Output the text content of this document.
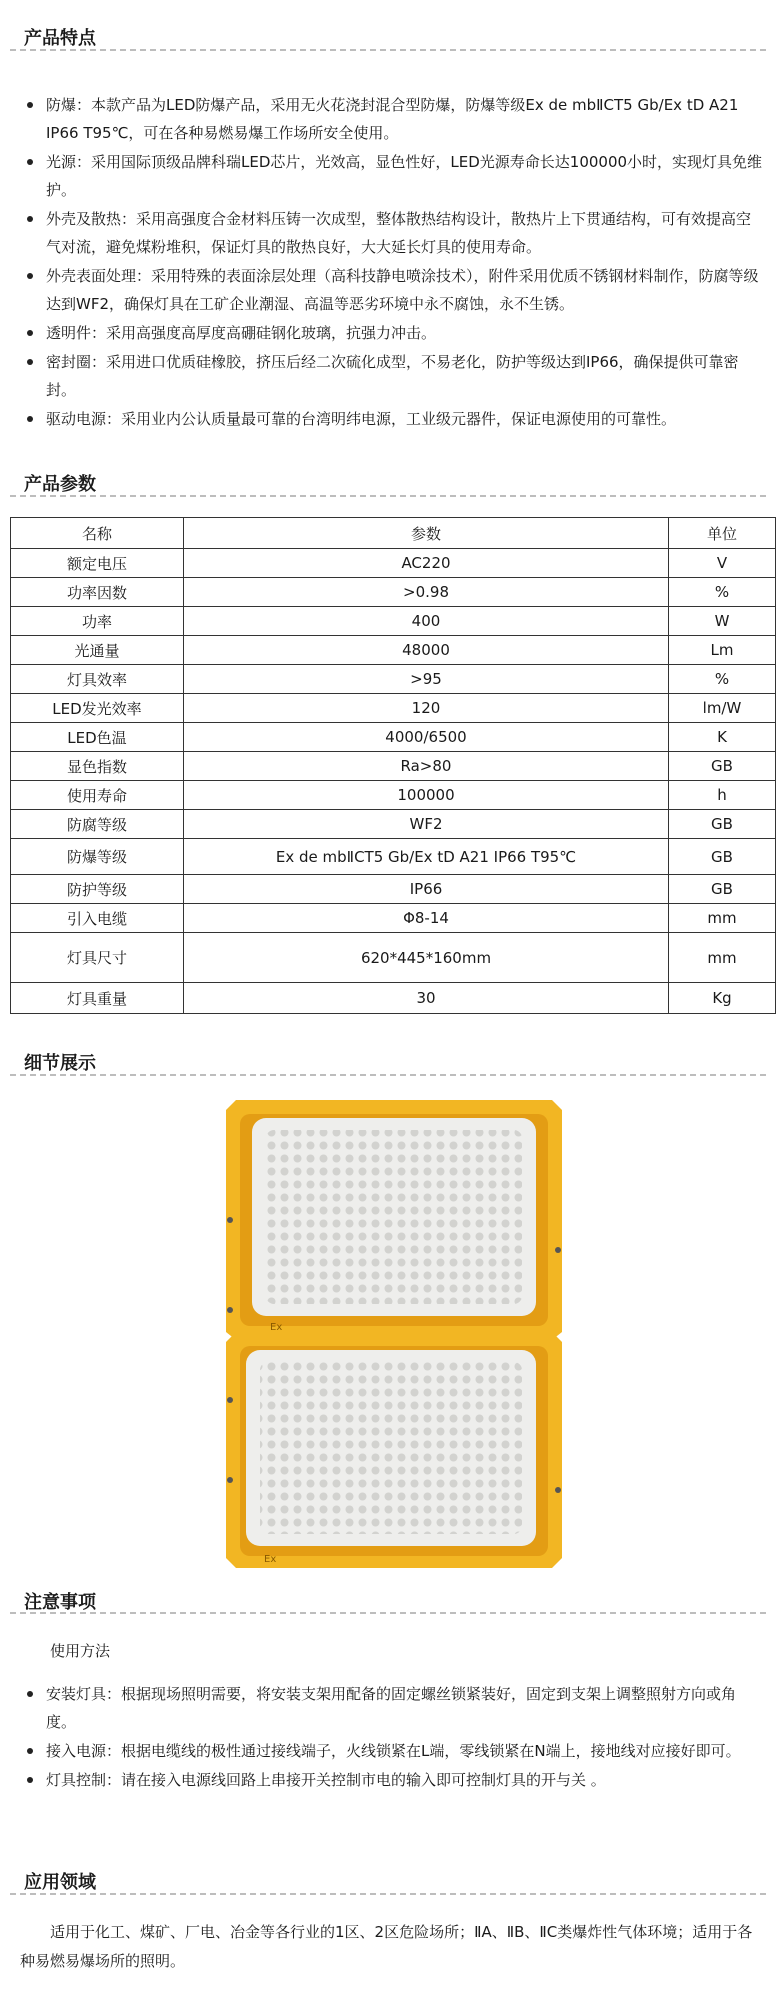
产品特点
防爆：本款产品为LED防爆产品，采用无火花浇封混合型防爆，防爆等级Ex de mbⅡCT5 Gb/Ex tD A21 IP66 T95℃，可在各种易燃易爆工作场所安全使用。
光源：采用国际顶级品牌科瑞LED芯片，光效高，显色性好，LED光源寿命长达100000小时，实现灯具免维护。
外壳及散热：采用高强度合金材料压铸一次成型，整体散热结构设计，散热片上下贯通结构，可有效提高空气对流，避免煤粉堆积，保证灯具的散热良好，大大延长灯具的使用寿命。
外壳表面处理：采用特殊的表面涂层处理（高科技静电喷涂技术），附件采用优质不锈钢材料制作，防腐等级达到WF2，确保灯具在工矿企业潮湿、高温等恶劣环境中永不腐蚀，永不生锈。
透明件：采用高强度高厚度高硼硅钢化玻璃，抗强力冲击。
密封圈：采用进口优质硅橡胶，挤压后经二次硫化成型，不易老化，防护等级达到IP66，确保提供可靠密封。
驱动电源：采用业内公认质量最可靠的台湾明纬电源，工业级元器件，保证电源使用的可靠性。
产品参数
名称	参数	单位
额定电压	AC220	V
功率因数	>0.98	%
功率	400	W
光通量	48000	Lm
灯具效率	>95	%
LED发光效率	120	lm/W
LED色温	4000/6500	K
显色指数	Ra>80	GB
使用寿命	100000	h
防腐等级	WF2	GB
防爆等级	Ex de mbⅡCT5 Gb/Ex tD A21 IP66 T95℃	GB
防护等级	IP66	GB
引入电缆	Φ8-14	mm
灯具尺寸	620*445*160mm	mm
灯具重量	30	Kg
细节展示
Ex
Ex
注意事项
使用方法
安装灯具：根据现场照明需要，将安装支架用配备的固定螺丝锁紧装好，固定到支架上调整照射方向或角度。
接入电源：根据电缆线的极性通过接线端子，火线锁紧在L端，零线锁紧在N端上，接地线对应接好即可。
灯具控制：请在接入电源线回路上串接开关控制市电的输入即可控制灯具的开与关 。
应用领域

适用于化工、煤矿、厂电、冶金等各行业的1区、2区危险场所；ⅡA、ⅡB、ⅡC类爆炸性气体环境；适用于各种易燃易爆场所的照明。
